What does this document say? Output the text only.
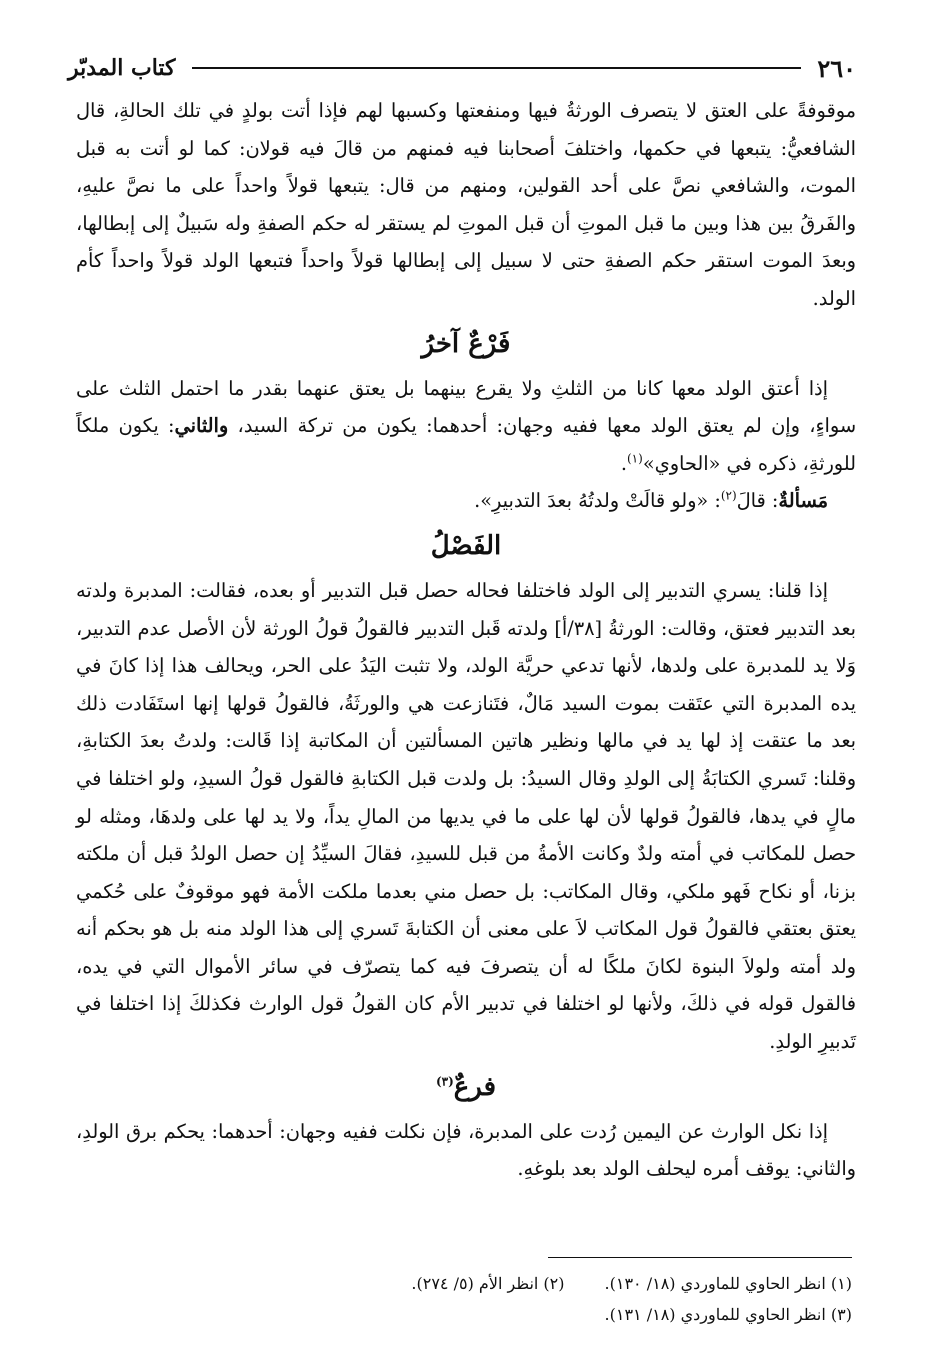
٢٦٠
كتاب المدبّر

موقوفةً على العتق لا يتصرف الورثةُ فيها ومنفعتها وكسبها لهم فإذا أتت بولدٍ في تلك الحالةِ، قال الشافعيُّ: يتبعها في حكمها، واختلفَ أصحابنا فيه فمنهم من قالَ فيه قولان: كما لو أتت به قبل الموت، والشافعي نصَّ على أحد القولين، ومنهم من قال: يتبعها قولاً واحداً على ما نصَّ عليهِ، والفَرقُ بين هذا وبين ما قبل الموتِ أن قبل الموتِ لم يستقر له حكم الصفةِ وله سَبيلٌ إلى إبطالها، وبعدَ الموت استقر حكم الصفةِ حتى لا سبيل إلى إبطالها قولاً واحداً فتبعها الولد قولاً واحداً كأم الولد.

فَرْعٌ آخرُ

إذا أعتق الولد معها كانا من الثلثِ ولا يقرع بينهما بل يعتق عنهما بقدر ما احتمل الثلث على سواءٍ، وإن لم يعتق الولد معها ففيه وجهان: أحدهما: يكون من تركة السيد، والثاني: يكون ملكاً للورثةِ، ذكره في «الحاوي»$^{(١)}$.

مَسألةٌ: قالَ$^{(٢)}$: «ولو قالَتْ ولدتُهُ بعدَ التدبيرِ».

الفَصْلُ

إذا قلنا: يسري التدبير إلى الولد فاختلفا فحاله حصل قبل التدبير أو بعده، فقالت: المدبرة ولدته بعد التدبير فعتق، وقالت: الورثةُ [٣٨/أ] ولدته قَبل التدبير فالقولُ قولُ الورثة لأن الأصل عدم التدبير، وَلا يد للمدبرة على ولدها، لأنها تدعي حريَّة الولد، ولا تثبت اليَدُ على الحر، ويحالف هذا إذا كانَ في يده المدبرة التي عتَقت بموت السيد مَالٌ، فتَنازعت هي والورثَةُ، فالقولُ قولها إنها استَفَادت ذلك بعد ما عتقت إذ لها يد في مالها ونظير هاتين المسألتين أن المكاتبة إذا قَالت: ولدتُ بعدَ الكتابةِ، وقلنا: تَسري الكتابَةُ إلى الولدِ وقال السيدُ: بل ولدت قبل الكتابةِ فالقول قولُ السيدِ، ولو اختلفا في مالٍ في يدها، فالقولُ قولها لأن لها على ما في يديها من المالِ يداً، ولا يد لها على ولدهَا، ومثله لو حصل للمكاتب في أمته ولدٌ وكانت الأمةُ من قبل للسيدِ، فقالَ السيِّدُ إن حصل الولدُ قبل أن ملكته بزنا، أو نكاح فَهو ملكي، وقال المكاتب: بل حصل مني بعدما ملكت الأمة فهو موقوفٌ على حُكمي يعتق بعتقي فالقولُ قول المكاتب لاَ على معنى أن الكتابةَ تَسري إلى هذا الولد منه بل هو بحكم أنه ولد أمته ولولاَ البنوة لكانَ ملكًا له أن يتصرفَ فيه كما يتصرّف في سائر الأموال التي في يده، فالقول قوله في ذلكَ، ولأنها لو اختلفا في تدبير الأم كان القولُ قول الوارث فكذلكَ إذا اختلفا في تَدبيرِ الولدِ.

فرعٌ$^{(٣)}$

إذا نكل الوارث عن اليمين رُدت على المدبرة، فإن نكلت ففيه وجهان: أحدهما: يحكم برق الولدِ، والثاني: يوقف أمره ليحلف الولد بعد بلوغهِ.

(١) انظر الحاوي للماوردي (١٨/ ١٣٠).
(٢) انظر الأم (٥/ ٢٧٤).
(٣) انظر الحاوي للماوردي (١٨/ ١٣١).
